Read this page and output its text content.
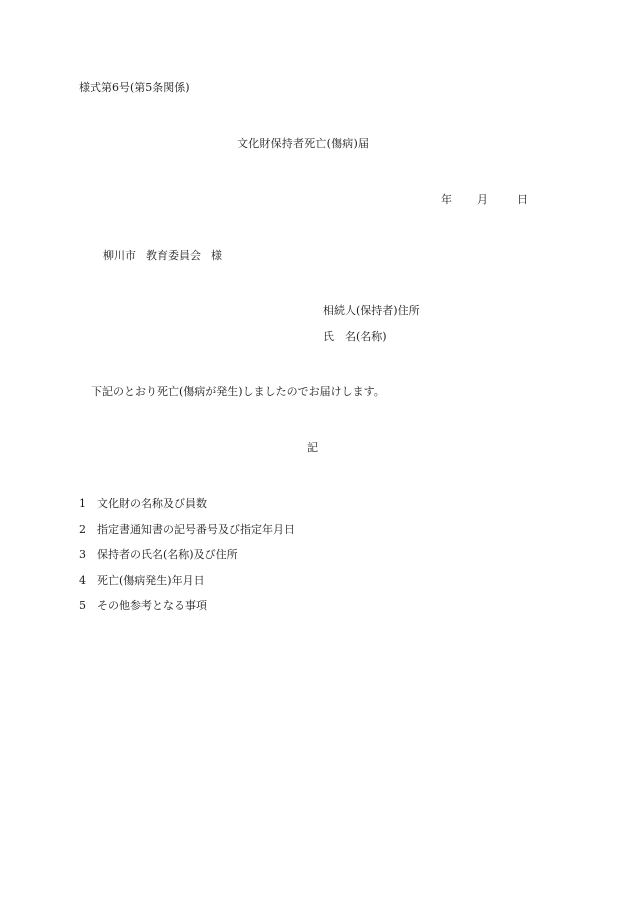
様式第6号(第5条関係)
文化財保持者死亡(傷病)届
年 月	日
柳川市 教育委員会 様
相続人(保持者)住所
氏 名(名称)
下記のとおり死亡(傷病が発生)しましたのでお届けします。
記
1 文化財の名称及び員数
2 指定書通知書の記号番号及び指定年月日
3 保持者の氏名(名称)及び住所
4 死亡(傷病発生)年月日
5 その他参考となる事項
